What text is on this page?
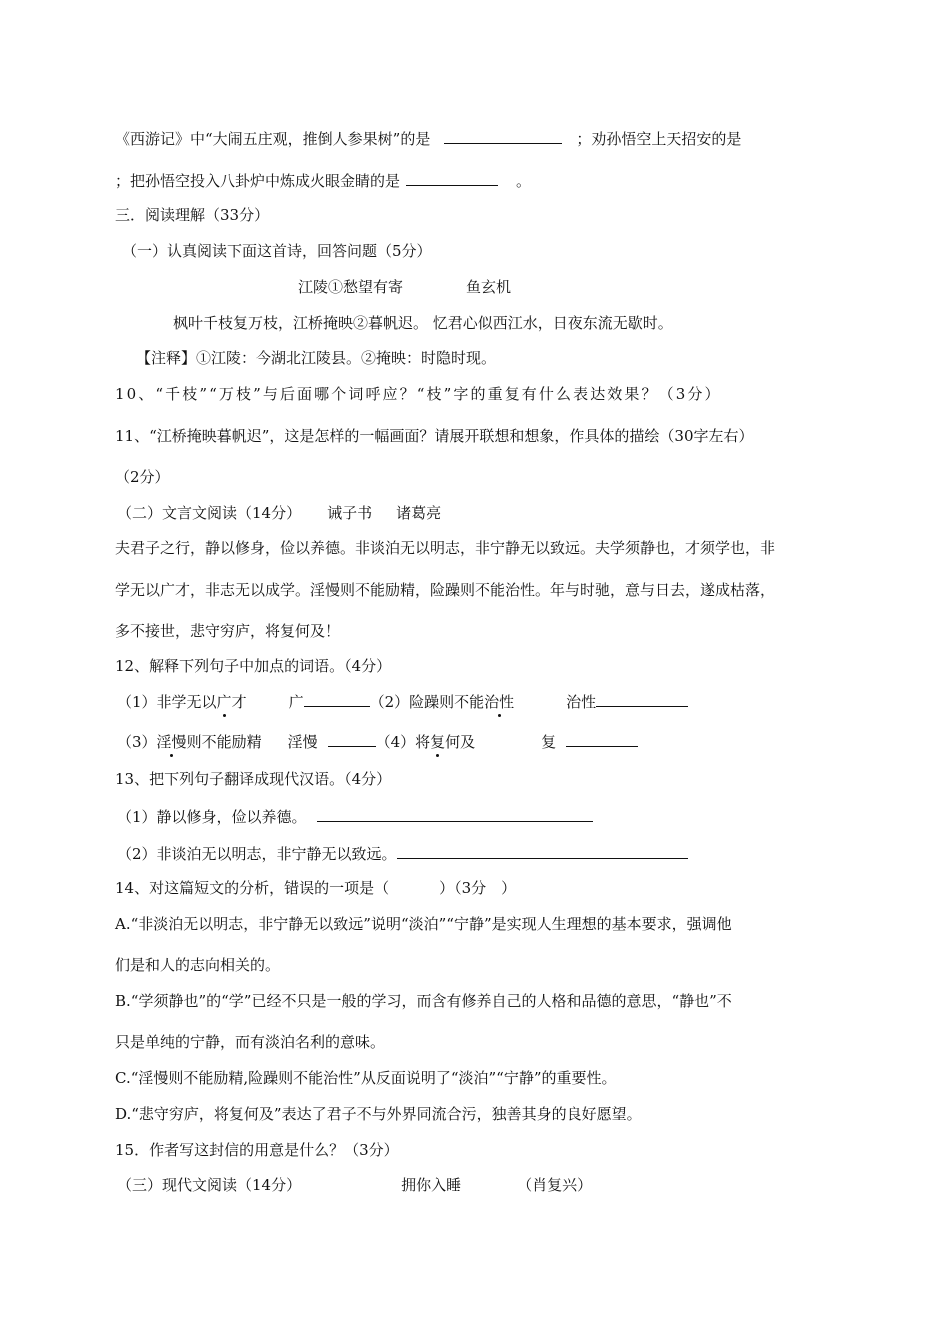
《西游记》中“大闹五庄观，推倒人参果树”的是	；劝孙悟空上天招安的是
；把孙悟空投入八卦炉中炼成火眼金睛的是	。
三．阅读理解（33分）
（一）认真阅读下面这首诗，回答问题（5分）
江陵①愁望有寄	鱼玄机
枫叶千枝复万枝，江桥掩映②暮帆迟。 忆君心似西江水，日夜东流无歇时。
【注释】①江陵：今湖北江陵县。②掩映：时隐时现。
10、“千枝”“万枝”与后面哪个词呼应？“枝”字的重复有什么表达效果？（3分）
11、“江桥掩映暮帆迟”，这是怎样的一幅画面？请展开联想和想象，作具体的描绘（30字左右）
（2分）
（二）文言文阅读（14分） 诫子书 诸葛亮
夫君子之行，静以修身，俭以养德。非谈泊无以明志，非宁静无以致远。夫学须静也，才须学也，非
学无以广才，非志无以成学。淫慢则不能励精，险躁则不能治性。年与时驰，意与日去，遂成枯落，
多不接世，悲守穷庐，将复何及！
12、解释下列句子中加点的词语。（4分）
（1）非学无以广才	广	（2）险躁则不能治性	治性
（3）淫慢则不能励精 淫慢	（4）将复何及	复
13、把下列句子翻译成现代汉语。（4分）
（1）静以修身，俭以养德。
（2）非谈泊无以明志，非宁静无以致远。
14、对这篇短文的分析，错误的一项是（	）（3分　）
A.“非淡泊无以明志，非宁静无以致远”说明“淡泊”“宁静”是实现人生理想的基本要求，强调他
们是和人的志向相关的。
B.“学须静也”的“学”已经不只是一般的学习，而含有修养自己的人格和品德的意思，“静也”不
只是单纯的宁静，而有淡泊名利的意味。
C.“淫慢则不能励精,险躁则不能治性”从反面说明了“淡泊”“宁静”的重要性。
D.“悲守穷庐，将复何及”表达了君子不与外界同流合污，独善其身的良好愿望。
15．作者写这封信的用意是什么？（3分）
（三）现代文阅读（14分）	拥你入睡	（肖复兴）
